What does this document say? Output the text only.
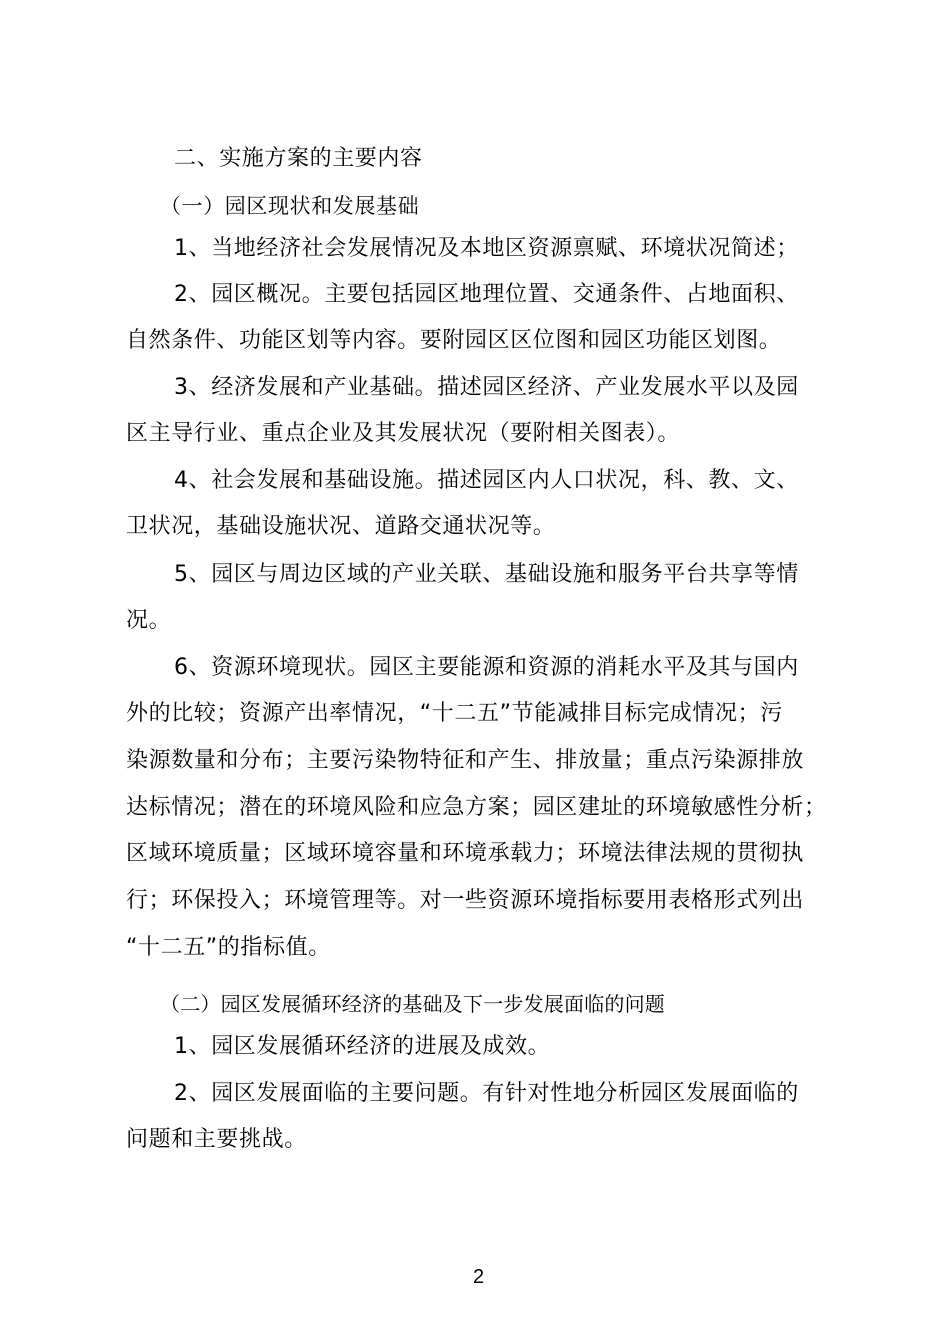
二、实施方案的主要内容

（一）园区现状和发展基础

1、当地经济社会发展情况及本地区资源禀赋、环境状况简述；

2、园区概况。主要包括园区地理位置、交通条件、占地面积、

自然条件、功能区划等内容。要附园区区位图和园区功能区划图。

3、经济发展和产业基础。描述园区经济、产业发展水平以及园

区主导行业、重点企业及其发展状况（要附相关图表）。

4、社会发展和基础设施。描述园区内人口状况，科、教、文、

卫状况，基础设施状况、道路交通状况等。

5、园区与周边区域的产业关联、基础设施和服务平台共享等情

况。

6、资源环境现状。园区主要能源和资源的消耗水平及其与国内

外的比较；资源产出率情况，“十二五”节能减排目标完成情况；污

染源数量和分布；主要污染物特征和产生、排放量；重点污染源排放

达标情况；潜在的环境风险和应急方案；园区建址的环境敏感性分析；

区域环境质量；区域环境容量和环境承载力；环境法律法规的贯彻执

行；环保投入；环境管理等。对一些资源环境指标要用表格形式列出

“十二五”的指标值。

（二）园区发展循环经济的基础及下一步发展面临的问题

1、园区发展循环经济的进展及成效。

2、园区发展面临的主要问题。有针对性地分析园区发展面临的

问题和主要挑战。

2
